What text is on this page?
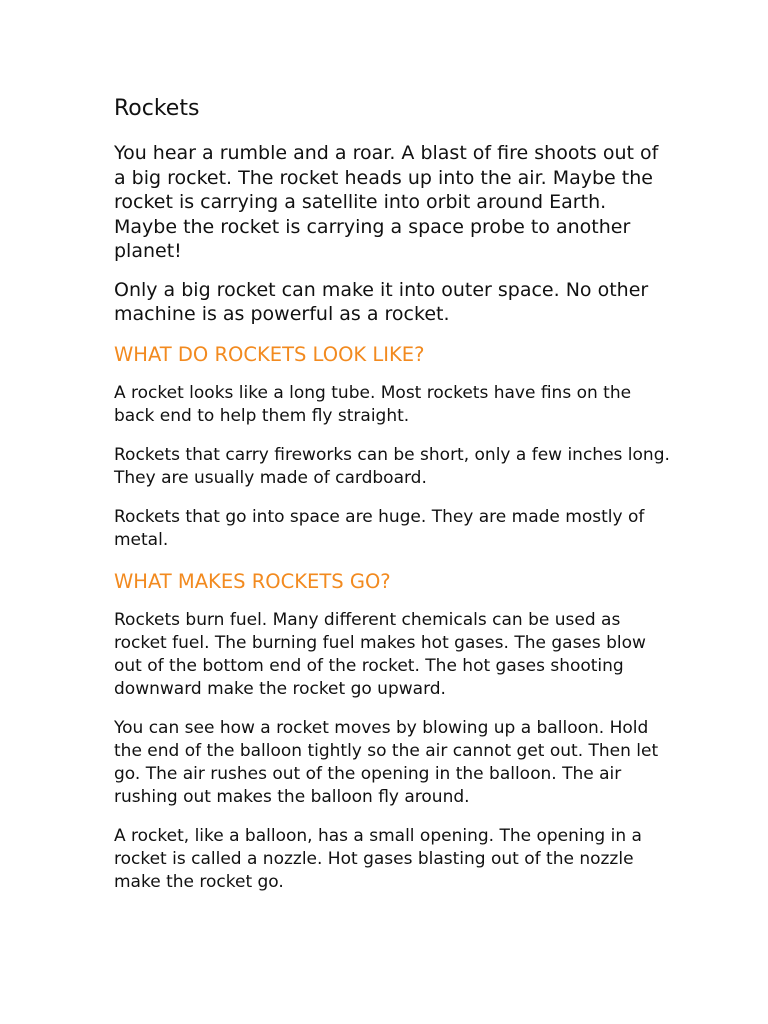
Rockets

You hear a rumble and a roar. A blast of fire shoots out of a big rocket. The rocket heads up into the air. Maybe the rocket is carrying a satellite into orbit around Earth. Maybe the rocket is carrying a space probe to another planet!

Only a big rocket can make it into outer space. No other machine is as powerful as a rocket.

WHAT DO ROCKETS LOOK LIKE?

A rocket looks like a long tube. Most rockets have fins on the back end to help them fly straight.

Rockets that carry fireworks can be short, only a few inches long. They are usually made of cardboard.

Rockets that go into space are huge. They are made mostly of metal.

WHAT MAKES ROCKETS GO?

Rockets burn fuel. Many different chemicals can be used as rocket fuel. The burning fuel makes hot gases. The gases blow out of the bottom end of the rocket. The hot gases shooting downward make the rocket go upward.

You can see how a rocket moves by blowing up a balloon. Hold the end of the balloon tightly so the air cannot get out. Then let go. The air rushes out of the opening in the balloon. The air rushing out makes the balloon fly around.

A rocket, like a balloon, has a small opening. The opening in a rocket is called a nozzle. Hot gases blasting out of the nozzle make the rocket go.
